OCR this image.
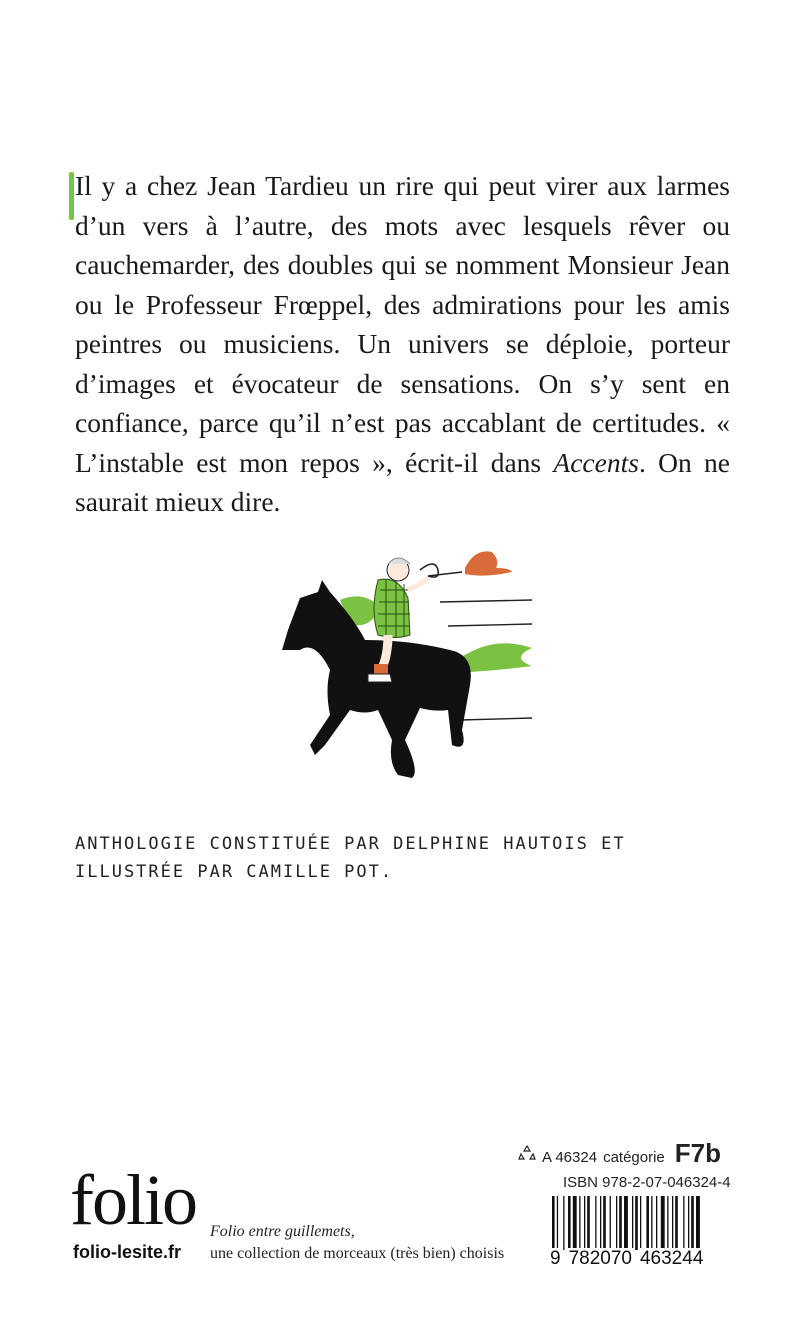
Il y a chez Jean Tardieu un rire qui peut virer aux larmes d’un vers à l’autre, des mots avec lesquels rêver ou cauchemarder, des doubles qui se nomment Monsieur Jean ou le Professeur Frœppel, des admirations pour les amis peintres ou musiciens. Un univers se déploie, porteur d’images et évocateur de sensations. On s’y sent en confiance, parce qu’il n’est pas accablant de certitudes. « L’instable est mon repos », écrit-il dans Accents. On ne saurait mieux dire.
ANTHOLOGIE CONSTITUÉE PAR DELPHINE HAUTOIS ET ILLUSTRÉE PAR CAMILLE POT.
A 46324 catégorie F7b
ISBN 978-2-07-046324-4
9 782070 463244
folio
folio-lesite.fr
Folio entre guillemets,
une collection de morceaux (très bien) choisis
